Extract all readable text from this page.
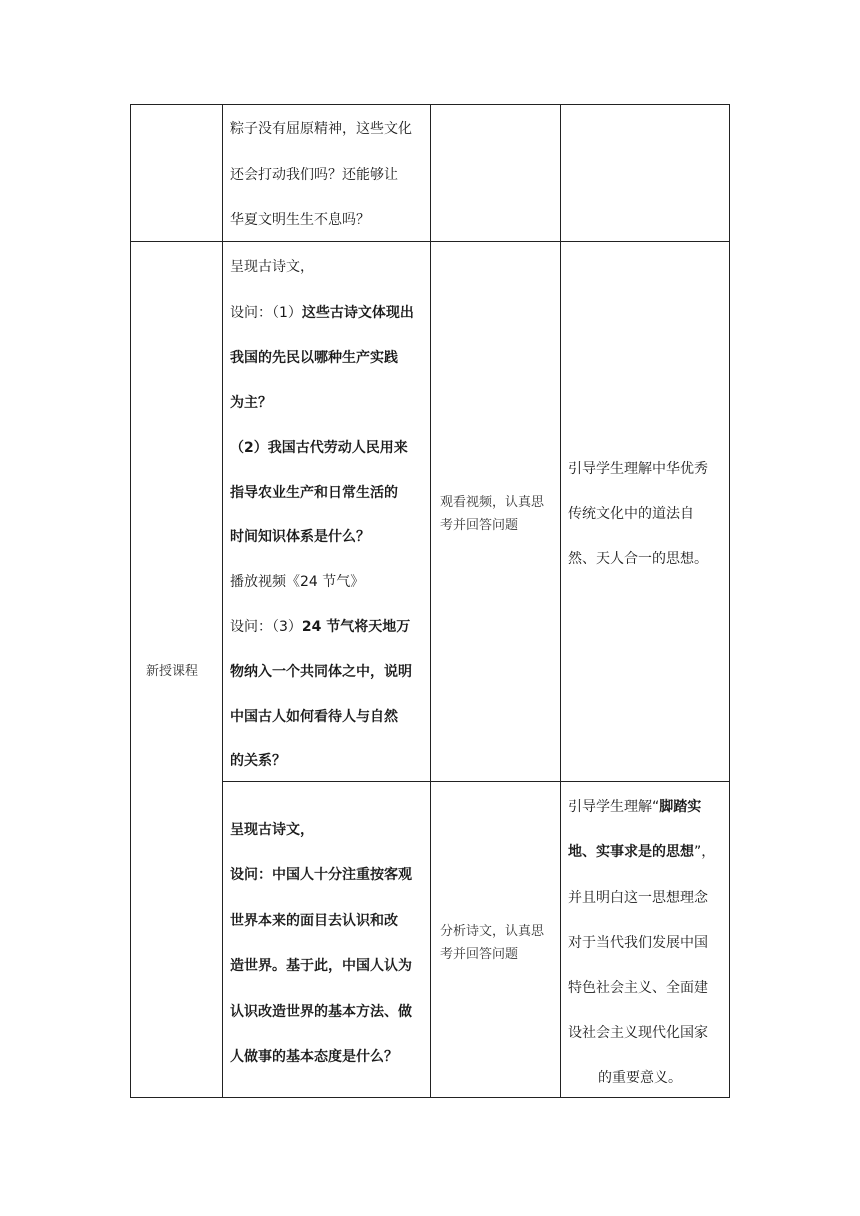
粽子没有屈原精神，这些文化
还会打动我们吗？还能够让
华夏文明生生不息吗？
新授课程
呈现古诗文，
设问：（1）这些古诗文体现出
我国的先民以哪种生产实践
为主？
（2）我国古代劳动人民用来
指导农业生产和日常生活的
时间知识体系是什么？
播放视频《24 节气》
设问：（3）24 节气将天地万
物纳入一个共同体之中，说明
中国古人如何看待人与自然
的关系？
观看视频，认真思
考并回答问题
引导学生理解中华优秀
传统文化中的道法自
然、天人合一的思想。
呈现古诗文，
设问：中国人十分注重按客观
世界本来的面目去认识和改
造世界。基于此，中国人认为
认识改造世界的基本方法、做
人做事的基本态度是什么？
分析诗文，认真思
考并回答问题
引导学生理解“脚踏实
地、实事求是的思想”，
并且明白这一思想理念
对于当代我们发展中国
特色社会主义、全面建
设社会主义现代化国家
的重要意义。
